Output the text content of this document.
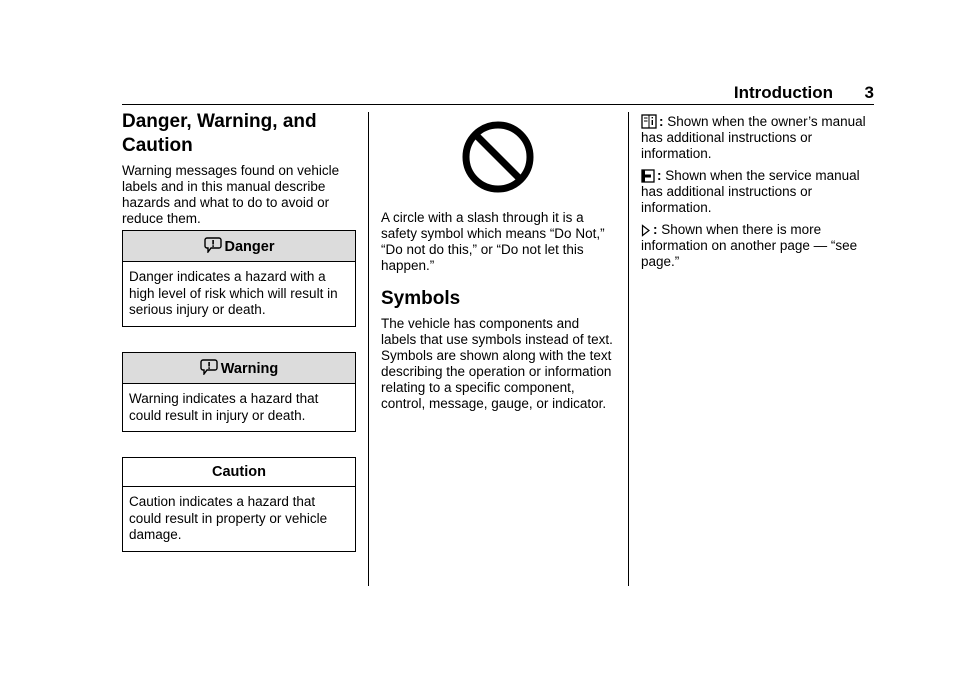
Introduction 3
Danger, Warning, and Caution
Warning messages found on vehicle labels and in this manual describe hazards and what to do to avoid or reduce them.
Danger
Danger indicates a hazard with a high level of risk which will result in serious injury or death.
Warning
Warning indicates a hazard that could result in injury or death.
Caution
Caution indicates a hazard that could result in property or vehicle damage.
A circle with a slash through it is a safety symbol which means “Do Not,” “Do not do this,” or “Do not let this happen.”
Symbols
The vehicle has components and labels that use symbols instead of text. Symbols are shown along with the text describing the operation or information relating to a specific component, control, message, gauge, or indicator.
: Shown when the owner’s manual has additional instructions or information.
: Shown when the service manual has additional instructions or information.
: Shown when there is more information on another page — “see page.”
